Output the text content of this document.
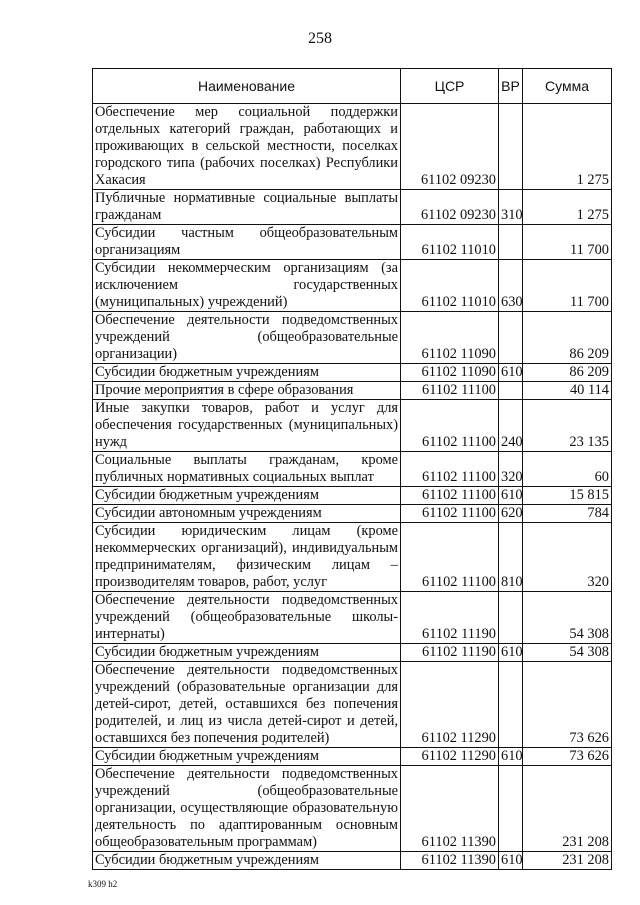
258
Наименование	ЦСР	ВР	Сумма
Обеспечение мер социальной поддержки отдельных категорий граждан, работающих и проживающих в сельской местности, поселках городского типа (рабочих поселках) Республики Хакасия	61102 09230		1 275
Публичные нормативные социальные выплаты гражданам	61102 09230	310	1 275
Субсидии частным общеобразовательным организациям	61102 11010		11 700
Субсидии некоммерческим организациям (за исключением государственных (муниципальных) учреждений)	61102 11010	630	11 700
Обеспечение деятельности подведомственных учреждений (общеобразовательные организации)	61102 11090		86 209
Субсидии бюджетным учреждениям	61102 11090	610	86 209
Прочие мероприятия в сфере образования	61102 11100		40 114
Иные закупки товаров, работ и услуг для обеспечения государственных (муниципальных) нужд	61102 11100	240	23 135
Социальные выплаты гражданам, кроме публичных нормативных социальных выплат	61102 11100	320	60
Субсидии бюджетным учреждениям	61102 11100	610	15 815
Субсидии автономным учреждениям	61102 11100	620	784
Субсидии юридическим лицам (кроме некоммерческих организаций), индивидуальным предпринимателям, физическим лицам – производителям товаров, работ, услуг	61102 11100	810	320
Обеспечение деятельности подведомственных учреждений (общеобразовательные школы-интернаты)	61102 11190		54 308
Субсидии бюджетным учреждениям	61102 11190	610	54 308
Обеспечение деятельности подведомственных учреждений (образовательные организации для детей-сирот, детей, оставшихся без попечения родителей, и лиц из числа детей-сирот и детей, оставшихся без попечения родителей)	61102 11290		73 626
Субсидии бюджетным учреждениям	61102 11290	610	73 626
Обеспечение деятельности подведомственных учреждений (общеобразовательные организации, осуществляющие образовательную деятельность по адаптированным основным общеобразовательным программам)	61102 11390		231 208
Субсидии бюджетным учреждениям	61102 11390	610	231 208
k309 h2
